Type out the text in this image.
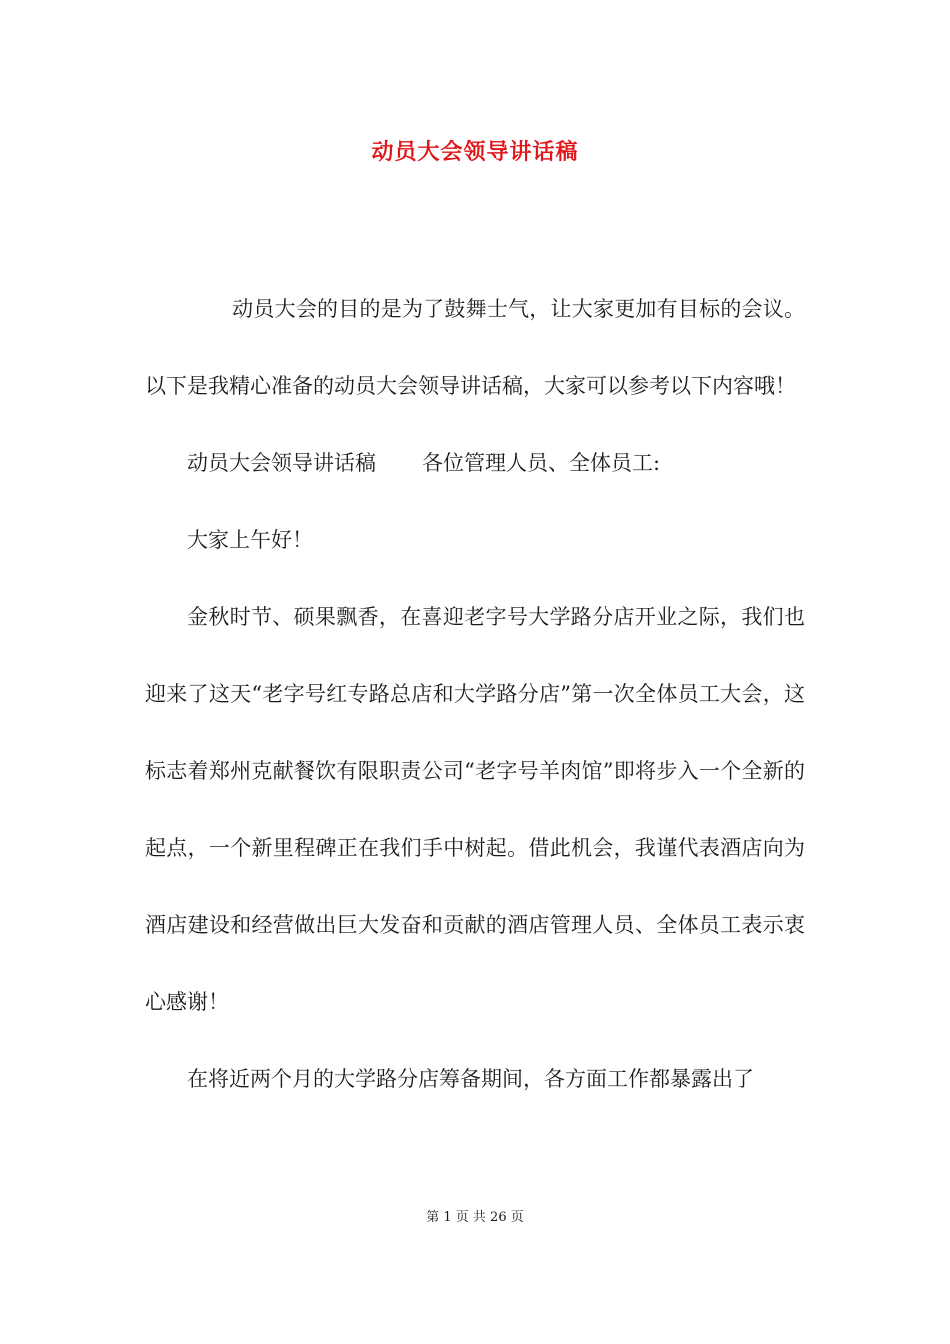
动员大会领导讲话稿

动员大会的目的是为了鼓舞士气，让大家更加有目标的会议。以下是我精心准备的动员大会领导讲话稿，大家可以参考以下内容哦！

动员大会领导讲话稿 各位管理人员、全体员工:

大家上午好！

金秋时节、硕果飘香，在喜迎老字号大学路分店开业之际，我们也迎来了这天“老字号红专路总店和大学路分店”第一次全体员工大会，这标志着郑州克献餐饮有限职责公司“老字号羊肉馆”即将步入一个全新的起点，一个新里程碑正在我们手中树起。借此机会，我谨代表酒店向为酒店建设和经营做出巨大发奋和贡献的酒店管理人员、全体员工表示衷心感谢！

在将近两个月的大学路分店筹备期间，各方面工作都暴露出了

第 1 页 共 26 页
